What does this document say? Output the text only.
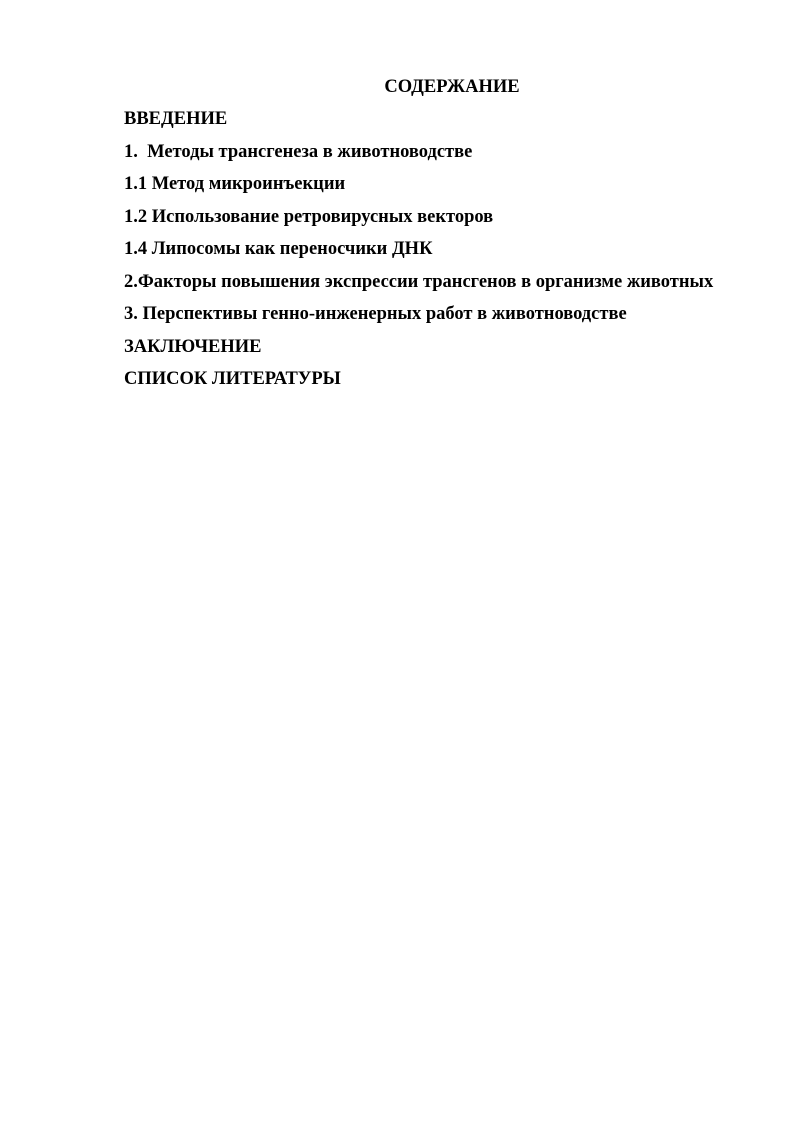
СОДЕРЖАНИЕ
ВВЕДЕНИЕ
1.  Методы трансгенеза в животноводстве
1.1 Метод микроинъекции
1.2 Использование ретровирусных векторов
1.4 Липосомы как переносчики ДНК
2.Факторы повышения экспрессии трансгенов в организме животных
3. Перспективы генно-инженерных работ в животноводстве
ЗАКЛЮЧЕНИЕ
СПИСОК ЛИТЕРАТУРЫ
